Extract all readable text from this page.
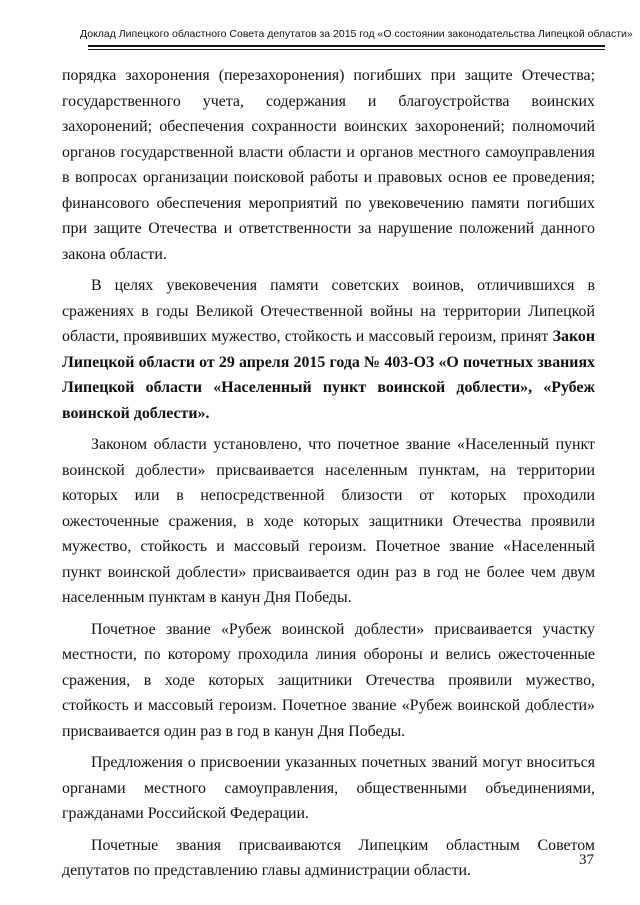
Доклад Липецкого областного Совета депутатов за 2015 год «О состоянии законодательства Липецкой области»

порядка захоронения (перезахоронения) погибших при защите Отечества; государственного учета, содержания и благоустройства воинских захоронений; обеспечения сохранности воинских захоронений; полномочий органов государственной власти области и органов местного самоуправления в вопросах организации поисковой работы и правовых основ ее проведения; финансового обеспечения мероприятий по увековечению памяти погибших при защите Отечества и ответственности за нарушение положений данного закона области.

В целях увековечения памяти советских воинов, отличившихся в сражениях в годы Великой Отечественной войны на территории Липецкой области, проявивших мужество, стойкость и массовый героизм, принят Закон Липецкой области от 29 апреля 2015 года № 403-ОЗ «О почетных званиях Липецкой области «Населенный пункт воинской доблести», «Рубеж воинской доблести».

Законом области установлено, что почетное звание «Населенный пункт воинской доблести» присваивается населенным пунктам, на территории которых или в непосредственной близости от которых проходили ожесточенные сражения, в ходе которых защитники Отечества проявили мужество, стойкость и массовый героизм. Почетное звание «Населенный пункт воинской доблести» присваивается один раз в год не более чем двум населенным пунктам в канун Дня Победы.

Почетное звание «Рубеж воинской доблести» присваивается участку местности, по которому проходила линия обороны и велись ожесточенные сражения, в ходе которых защитники Отечества проявили мужество, стойкость и массовый героизм. Почетное звание «Рубеж воинской доблести» присваивается один раз в год в канун Дня Победы.

Предложения о присвоении указанных почетных званий могут вноситься органами местного самоуправления, общественными объединениями, гражданами Российской Федерации.

Почетные звания присваиваются Липецким областным Советом депутатов по представлению главы администрации области.

37
